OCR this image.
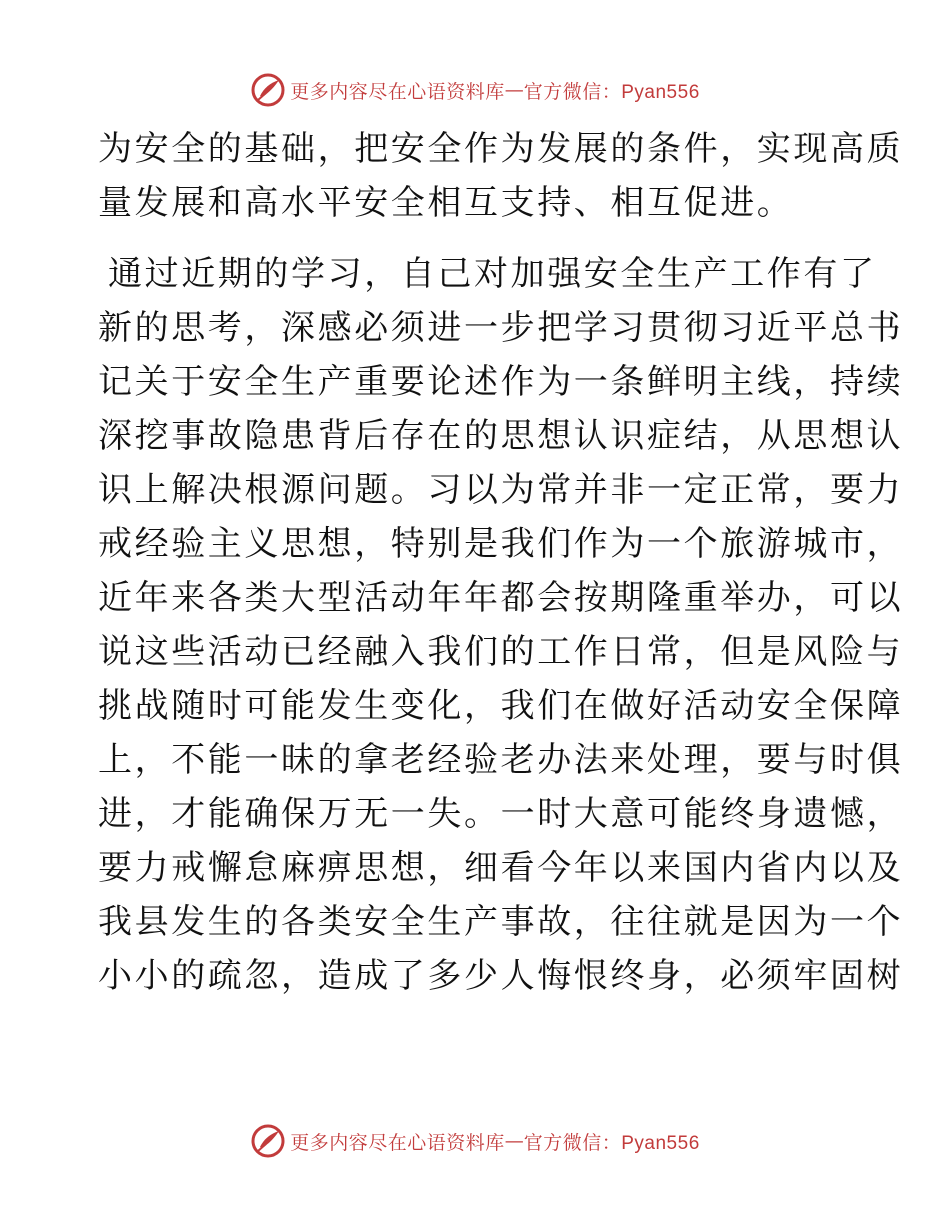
更多内容尽在心语资料库 — 官方微信：Pyan556
为安全的基础，把安全作为发展的条件，实现高质
量发展和高水平安全相互支持、相互促进。
通过近期的学习，自己对加强安全生产工作有了
新的思考，深感必须进一步把学习贯彻习近平总书
记关于安全生产重要论述作为一条鲜明主线，持续
深挖事故隐患背后存在的思想认识症结，从思想认
识上解决根源问题。习以为常并非一定正常，要力
戒经验主义思想，特别是我们作为一个旅游城市，
近年来各类大型活动年年都会按期隆重举办，可以
说这些活动已经融入我们的工作日常，但是风险与
挑战随时可能发生变化，我们在做好活动安全保障
上，不能一昧的拿老经验老办法来处理，要与时俱
进，才能确保万无一失。一时大意可能终身遗憾，
要力戒懈怠麻痹思想，细看今年以来国内省内以及
我县发生的各类安全生产事故，往往就是因为一个
小小的疏忽，造成了多少人悔恨终身，必须牢固树
更多内容尽在心语资料库 — 官方微信：Pyan556
